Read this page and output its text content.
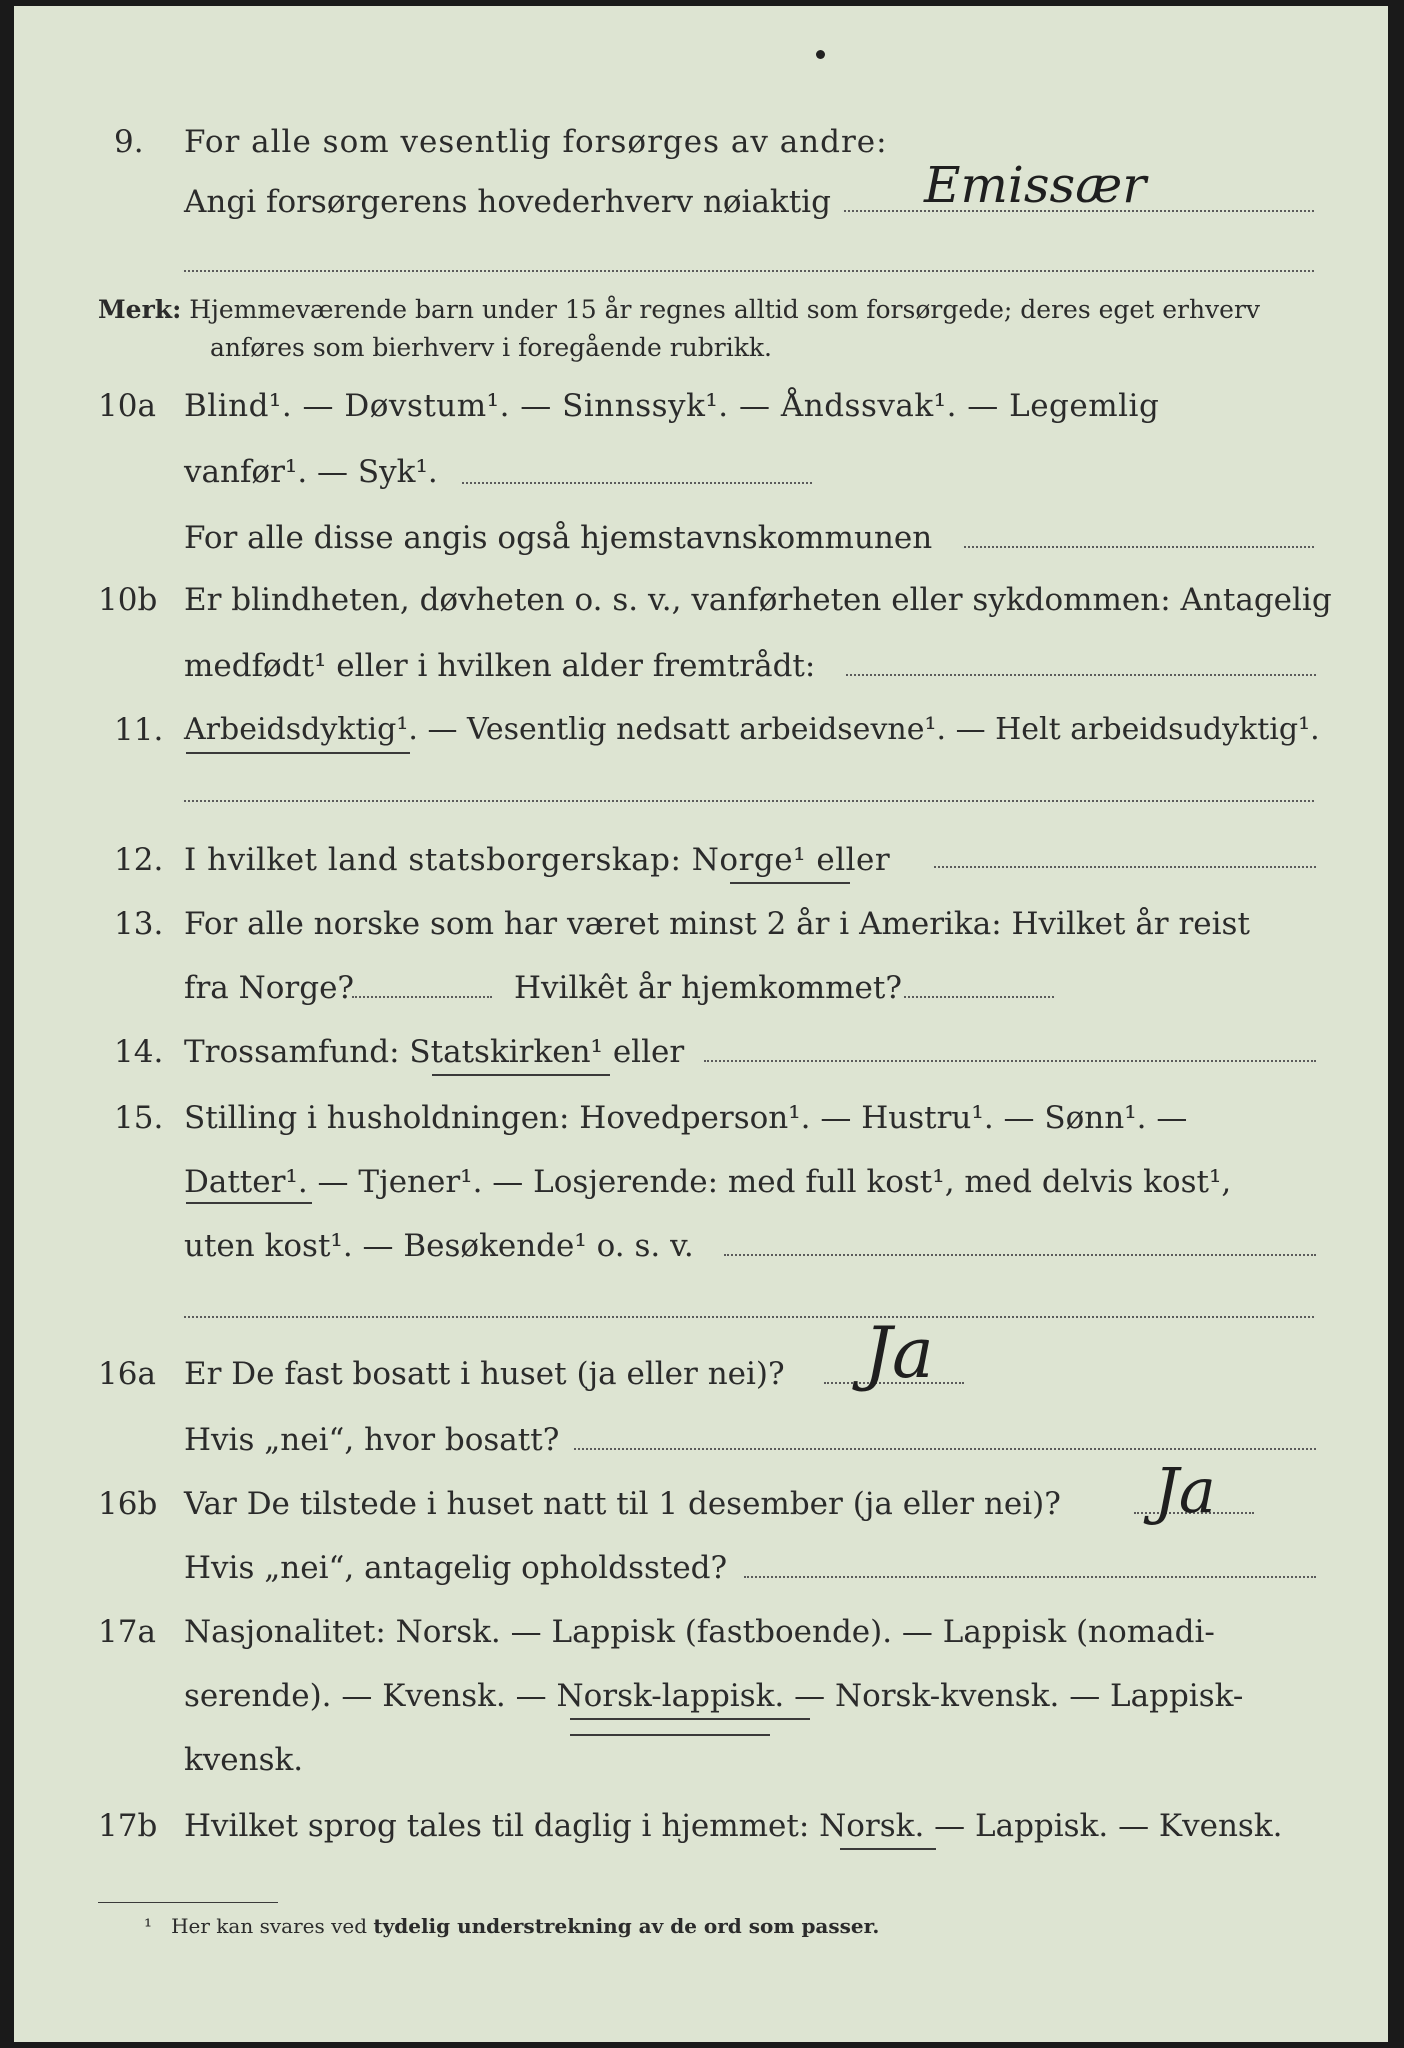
9. For alle som vesentlig forsørges av andre:
Angi forsørgerens hovederhverv nøiaktig Emissær
Merk: Hjemmeværende barn under 15 år regnes alltid som forsørgede; deres eget erhverv
anføres som bierhverv i foregående rubrikk.
10a Blind¹. — Døvstum¹. — Sinnssyk¹. — Åndssvak¹. — Legemlig
vanfør¹. — Syk¹.
For alle disse angis også hjemstavnskommunen
10b Er blindheten, døvheten o. s. v., vanførheten eller sykdommen: Antagelig
medfødt¹ eller i hvilken alder fremtrådt:
11. Arbeidsdyktig¹. — Vesentlig nedsatt arbeidsevne¹. — Helt arbeidsudyktig¹.
12. I hvilket land statsborgerskap: Norge¹ eller
13. For alle norske som har været minst 2 år i Amerika: Hvilket år reist
fra Norge?	Hvilkêt år hjemkommet?
14. Trossamfund: Statskirken¹ eller
15. Stilling i husholdningen: Hovedperson¹. — Hustru¹. — Sønn¹. —
Datter¹. — Tjener¹. — Losjerende: med full kost¹, med delvis kost¹,
uten kost¹. — Besøkende¹ o. s. v.
16a Er De fast bosatt i huset (ja eller nei)? Ja
Hvis „nei“, hvor bosatt?
16b Var De tilstede i huset natt til 1 desember (ja eller nei)? Ja
Hvis „nei“, antagelig opholdssted?
17a Nasjonalitet: Norsk. — Lappisk (fastboende). — Lappisk (nomadi-
serende). — Kvensk. — Norsk-lappisk. — Norsk-kvensk. — Lappisk-
kvensk.
17b Hvilket sprog tales til daglig i hjemmet: Norsk. — Lappisk. — Kvensk.
¹ Her kan svares ved tydelig understrekning av de ord som passer.
